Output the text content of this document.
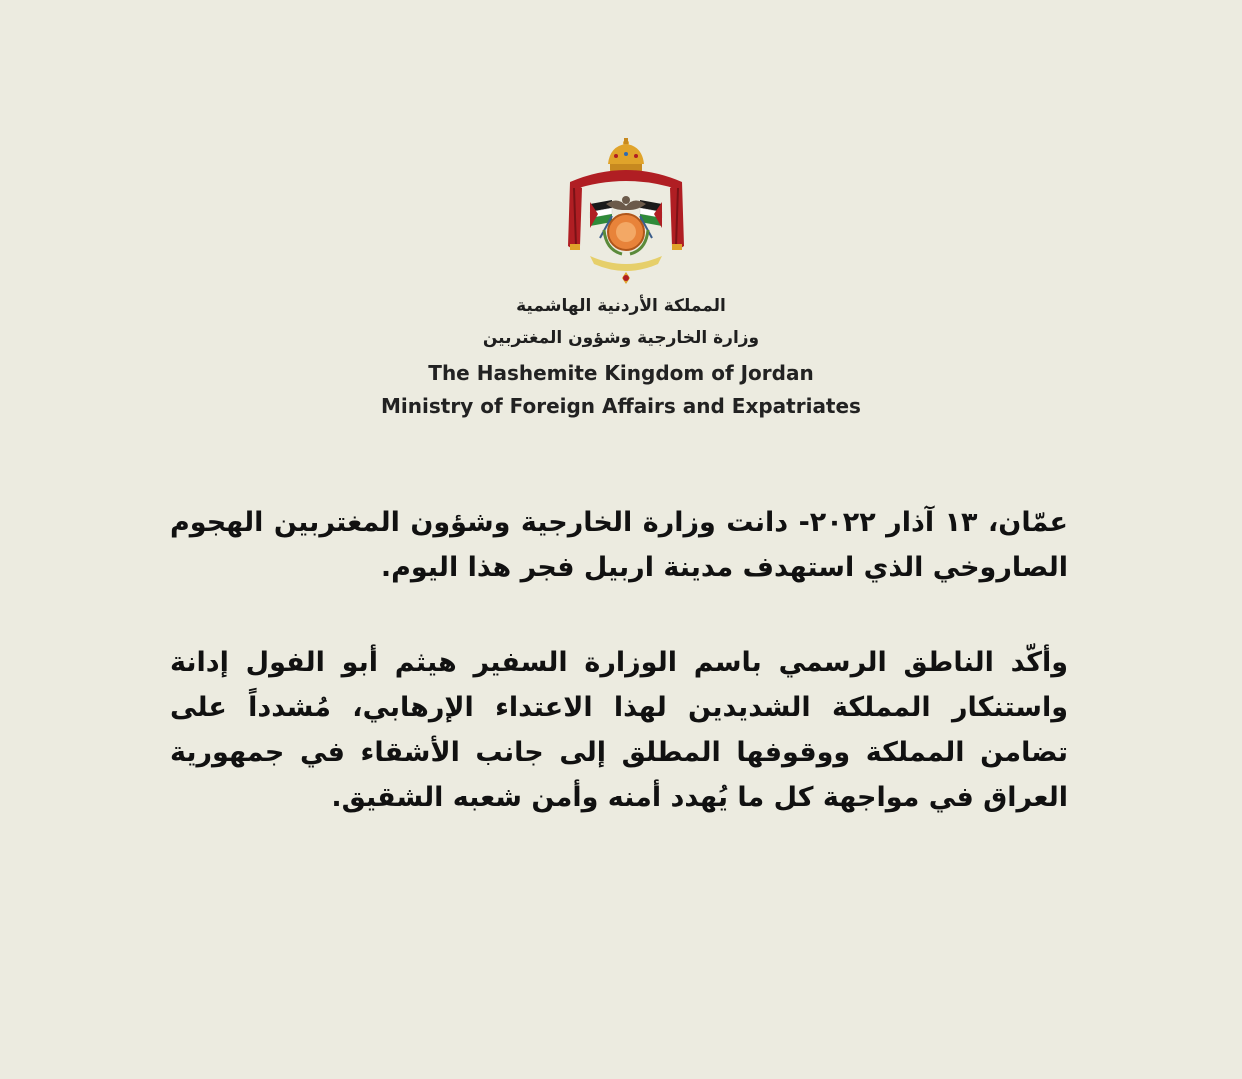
المملكة الأردنية الهاشمية
وزارة الخارجية وشؤون المغتربين
The Hashemite Kingdom of Jordan
Ministry of Foreign Affairs and Expatriates
عمّان، ١٣ آذار ٢٠٢٢- دانت وزارة الخارجية وشؤون المغتربين الهجوم الصاروخي الذي استهدف مدينة اربيل فجر هذا اليوم.
وأكّد الناطق الرسمي باسم الوزارة السفير هيثم أبو الفول إدانة واستنكار المملكة الشديدين لهذا الاعتداء الإرهابي، مُشدداً على تضامن المملكة ووقوفها المطلق إلى جانب الأشقاء في جمهورية العراق في مواجهة كل ما يُهدد أمنه وأمن شعبه الشقيق.
